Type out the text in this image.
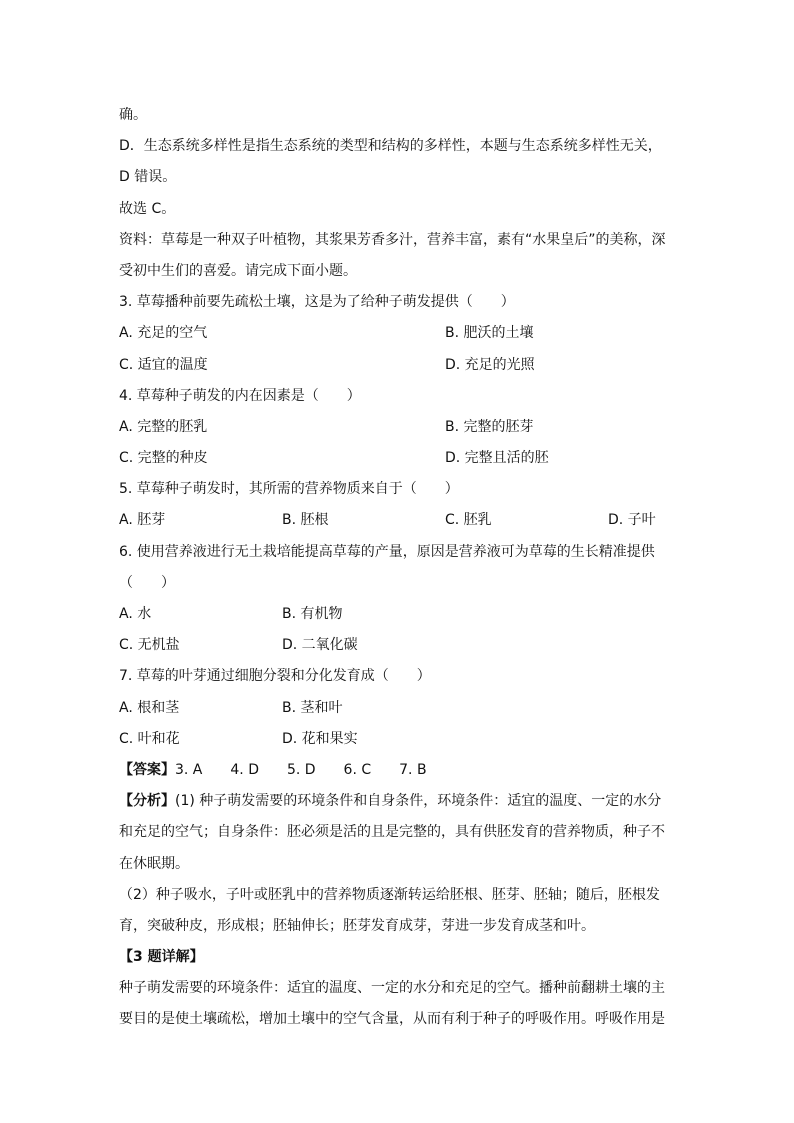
确。
D．生态系统多样性是指生态系统的类型和结构的多样性，本题与生态系统多样性无关，
D 错误。
故选 C。
资料：草莓是一种双子叶植物，其浆果芳香多汁，营养丰富，素有“水果皇后”的美称，深
受初中生们的喜爱。请完成下面小题。
3. 草莓播种前要先疏松土壤，这是为了给种子萌发提供（　　）
A. 充足的空气	B. 肥沃的土壤
C. 适宜的温度	D. 充足的光照
4. 草莓种子萌发的内在因素是（　　）
A. 完整的胚乳	B. 完整的胚芽
C. 完整的种皮	D. 完整且活的胚
5. 草莓种子萌发时，其所需的营养物质来自于（　　）
A. 胚芽	B. 胚根	C. 胚乳	D. 子叶
6. 使用营养液进行无土栽培能提高草莓的产量，原因是营养液可为草莓的生长精准提供
（　　）
A. 水	B. 有机物
C. 无机盐	D. 二氧化碳
7. 草莓的叶芽通过细胞分裂和分化发育成（　　）
A. 根和茎	B. 茎和叶
C. 叶和花	D. 花和果实
【答案】3. A　　4. D　　5. D　　6. C　　7. B
【分析】(1) 种子萌发需要的环境条件和自身条件，环境条件：适宜的温度、一定的水分
和充足的空气；自身条件：胚必须是活的且是完整的，具有供胚发育的营养物质，种子不
在休眠期。
（2）种子吸水，子叶或胚乳中的营养物质逐渐转运给胚根、胚芽、胚轴；随后，胚根发
育，突破种皮，形成根；胚轴伸长；胚芽发育成芽，芽进一步发育成茎和叶。
【3 题详解】
种子萌发需要的环境条件：适宜的温度、一定的水分和充足的空气。播种前翻耕土壤的主
要目的是使土壤疏松，增加土壤中的空气含量，从而有利于种子的呼吸作用。呼吸作用是
